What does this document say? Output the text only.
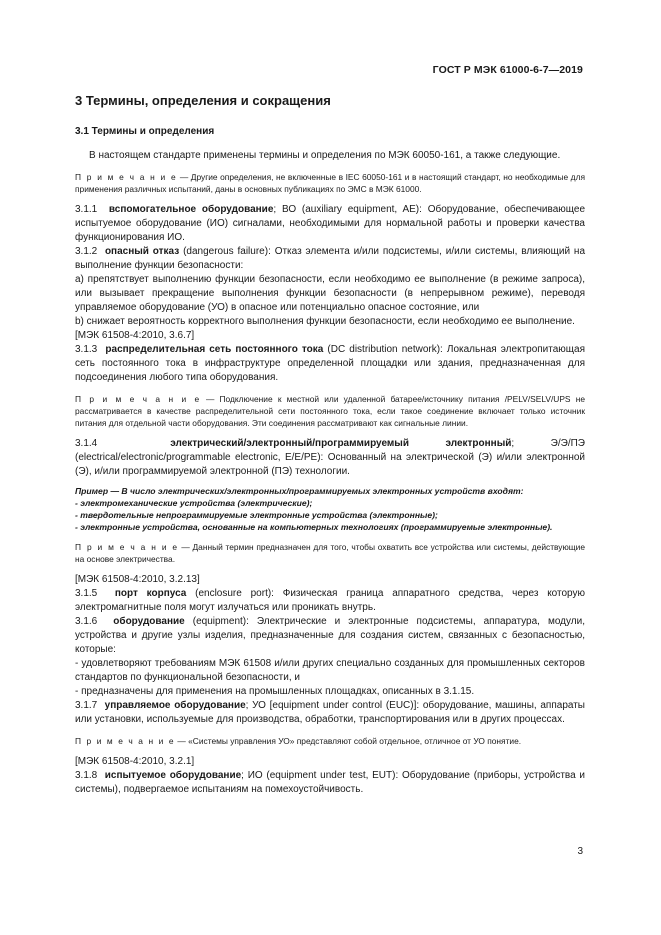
ГОСТ Р МЭК 61000-6-7—2019
3 Термины, определения и сокращения
3.1 Термины и определения

В настоящем стандарте применены термины и определения по МЭК 60050-161, а также следующие.

П р и м е ч а н и е — Другие определения, не включенные в IEC 60050-161 и в настоящий стандарт, но необходимые для применения различных испытаний, даны в основных публикациях по ЭМС в МЭК 61000.

3.1.1 вспомогательное оборудование; ВО (auxiliary equipment, AE): Оборудование, обеспечивающее испытуемое оборудование (ИО) сигналами, необходимыми для нормальной работы и проверки качества функционирования ИО.

3.1.2 опасный отказ (dangerous failure): Отказ элемента и/или подсистемы, и/или системы, влияющий на выполнение функции безопасности:

a) препятствует выполнению функции безопасности, если необходимо ее выполнение (в режиме запроса), или вызывает прекращение выполнения функции безопасности (в непрерывном режиме), переводя управляемое оборудование (УО) в опасное или потенциально опасное состояние, или

b) снижает вероятность корректного выполнения функции безопасности, если необходимо ее выполнение.

[МЭК 61508-4:2010, 3.6.7]

3.1.3 распределительная сеть постоянного тока (DC distribution network): Локальная электропитающая сеть постоянного тока в инфраструктуре определенной площадки или здания, предназначенная для подсоединения любого типа оборудования.

П р и м е ч а н и е — Подключение к местной или удаленной батарее/источнику питания /PELV/SELV/UPS не рассматривается в качестве распределительной сети постоянного тока, если такое соединение включает только источник питания для отдельной части оборудования. Эти соединения рассматривают как сигнальные линии.

3.1.4	электрический/электронный/программируемый электронный; Э/Э/ПЭ (electrical/electronic/programmable electronic, E/E/PE): Основанный на электрической (Э) и/или электронной (Э), и/или программируемой электронной (ПЭ) технологии.

Пример — В число электрических/электронных/программируемых электронных устройств входят:
- электромеханические устройства (электрические);
- твердотельные непрограммируемые электронные устройства (электронные);
- электронные устройства, основанные на компьютерных технологиях (программируемые электронные).

П р и м е ч а н и е — Данный термин предназначен для того, чтобы охватить все устройства или системы, действующие на основе электричества.

[МЭК 61508-4:2010, 3.2.13]

3.1.5 порт корпуса (enclosure port): Физическая граница аппаратного средства, через которую электромагнитные поля могут излучаться или проникать внутрь.

3.1.6 оборудование (equipment): Электрические и электронные подсистемы, аппаратура, модули, устройства и другие узлы изделия, предназначенные для создания систем, связанных с безопасностью, которые:

- удовлетворяют требованиям МЭК 61508 и/или других специально созданных для промышленных секторов стандартов по функциональной безопасности, и

- предназначены для применения на промышленных площадках, описанных в 3.1.15.

3.1.7 управляемое оборудование; УО [equipment under control (EUC)]: оборудование, машины, аппараты или установки, используемые для производства, обработки, транспортирования или в других процессах.

П р и м е ч а н и е — «Системы управления УО» представляют собой отдельное, отличное от УО понятие.

[МЭК 61508-4:2010, 3.2.1]

3.1.8 испытуемое оборудование; ИО (equipment under test, EUT): Оборудование (приборы, устройства и системы), подвергаемое испытаниям на помехоустойчивость.

3
